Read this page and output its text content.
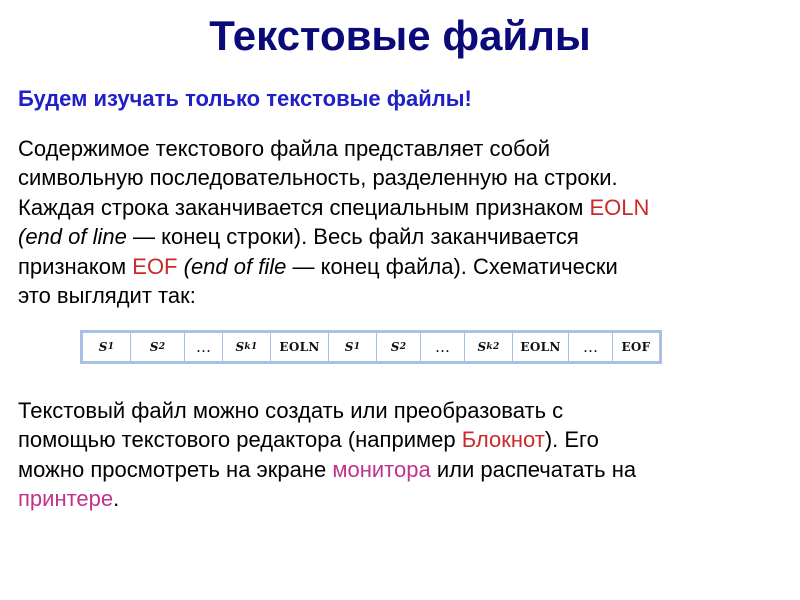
Текстовые файлы
Будем изучать только текстовые файлы!
Содержимое текстового файла представляет собой
символьную последовательность, разделенную на строки.
Каждая строка заканчивается специальным признаком EOLN
(end of line — конец строки). Весь файл заканчивается
признаком EOF (end of file — конец файла). Схематически
это выглядит так:
S 1	S 2 … S k1 EOLN S 1	S 2 … S k2 EOLN … EOF
Текстовый файл можно создать или преобразовать с
помощью текстового редактора (например Блокнот). Его
можно просмотреть на экране монитора или распечатать на
принтере.
